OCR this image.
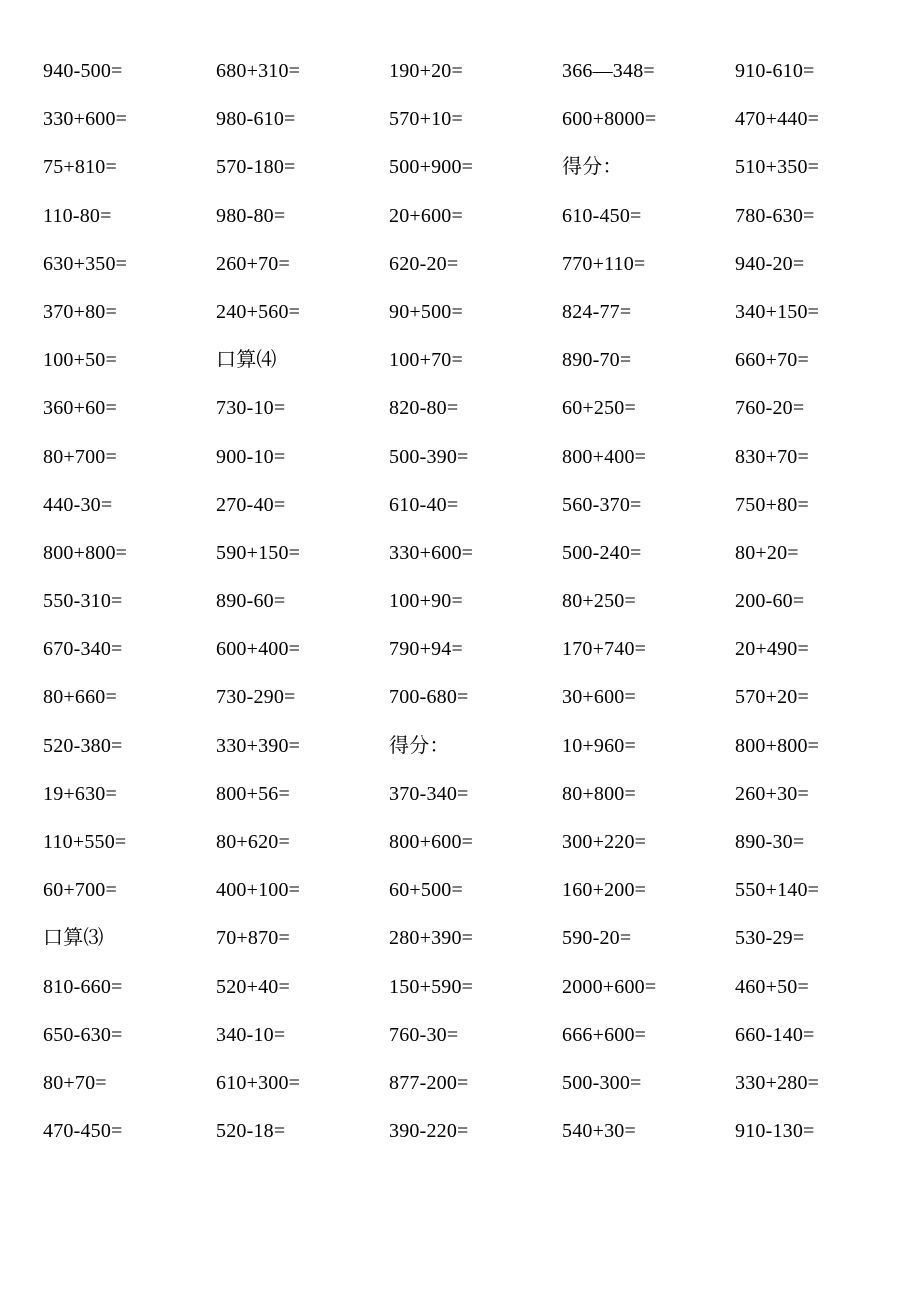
940-500=	680+310=	190+20=	366—348=	910-610=
330+600=	980-610=	570+10=	600+8000=	470+440=
75+810=	570-180=	500+900=	得分：	510+350=
110-80=	980-80=	20+600=	610-450=	780-630=
630+350=	260+70=	620-20=	770+110=	940-20=
370+80=	240+560=	90+500=	824-77=	340+150=
100+50=	口算⑷	100+70=	890-70=	660+70=
360+60=	730-10=	820-80=	60+250=	760-20=
80+700=	900-10=	500-390=	800+400=	830+70=
440-30=	270-40=	610-40=	560-370=	750+80=
800+800=	590+150=	330+600=	500-240=	80+20=
550-310=	890-60=	100+90=	80+250=	200-60=
670-340=	600+400=	790+94=	170+740=	20+490=
80+660=	730-290=	700-680=	30+600=	570+20=
520-380=	330+390=	得分：	10+960=	800+800=
19+630=	800+56=	370-340=	80+800=	260+30=
110+550=	80+620=	800+600=	300+220=	890-30=
60+700=	400+100=	60+500=	160+200=	550+140=
口算⑶	70+870=	280+390=	590-20=	530-29=
810-660=	520+40=	150+590=	2000+600=	460+50=
650-630=	340-10=	760-30=	666+600=	660-140=
80+70=	610+300=	877-200=	500-300=	330+280=
470-450=	520-18=	390-220=	540+30=	910-130=
